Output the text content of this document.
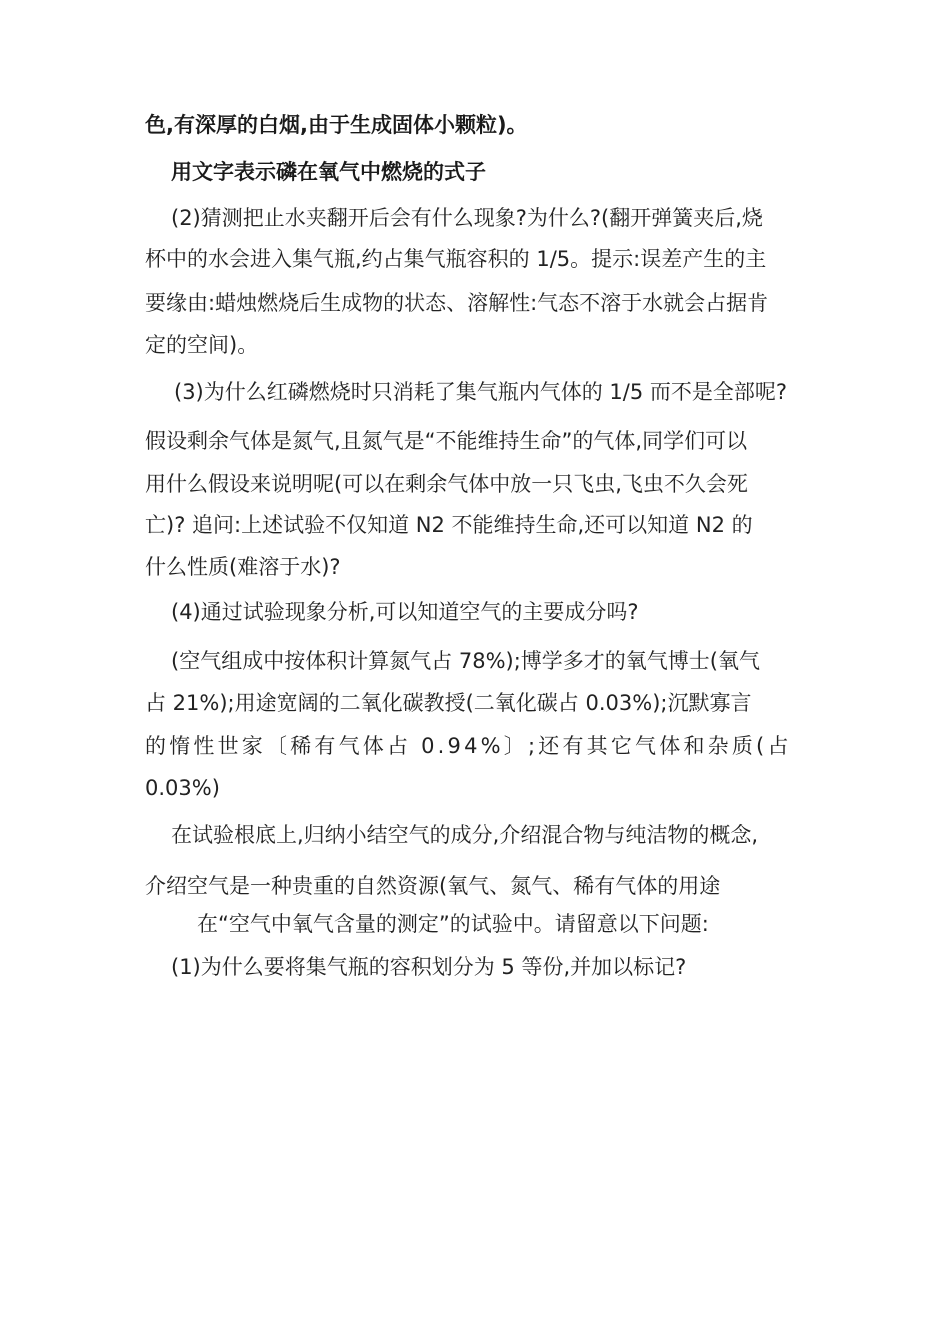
色,有深厚的白烟,由于生成固体小颗粒)。
用文字表示磷在氧气中燃烧的式子
(2)猜测把止水夹翻开后会有什么现象?为什么?(翻开弹簧夹后,烧
杯中的水会进入集气瓶,约占集气瓶容积的 1/5。提示:误差产生的主
要缘由:蜡烛燃烧后生成物的状态、溶解性:气态不溶于水就会占据肯
定的空间)。
(3)为什么红磷燃烧时只消耗了集气瓶内气体的 1/5 而不是全部呢?
假设剩余气体是氮气,且氮气是“不能维持生命”的气体,同学们可以
用什么假设来说明呢(可以在剩余气体中放一只飞虫,飞虫不久会死
亡)? 追问:上述试验不仅知道 N2 不能维持生命,还可以知道 N2 的
什么性质(难溶于水)?
(4)通过试验现象分析,可以知道空气的主要成分吗?
(空气组成中按体积计算氮气占 78%);博学多才的氧气博士(氧气
占 21%);用途宽阔的二氧化碳教授(二氧化碳占 0.03%);沉默寡言
的惰性世家〔稀有气体占 0.94%〕;还有其它气体和杂质(占
0.03%)
在试验根底上,归纳小结空气的成分,介绍混合物与纯洁物的概念,
介绍空气是一种贵重的自然资源(氧气、氮气、稀有气体的用途
在“空气中氧气含量的测定”的试验中。请留意以下问题:
(1)为什么要将集气瓶的容积划分为 5 等份,并加以标记?
